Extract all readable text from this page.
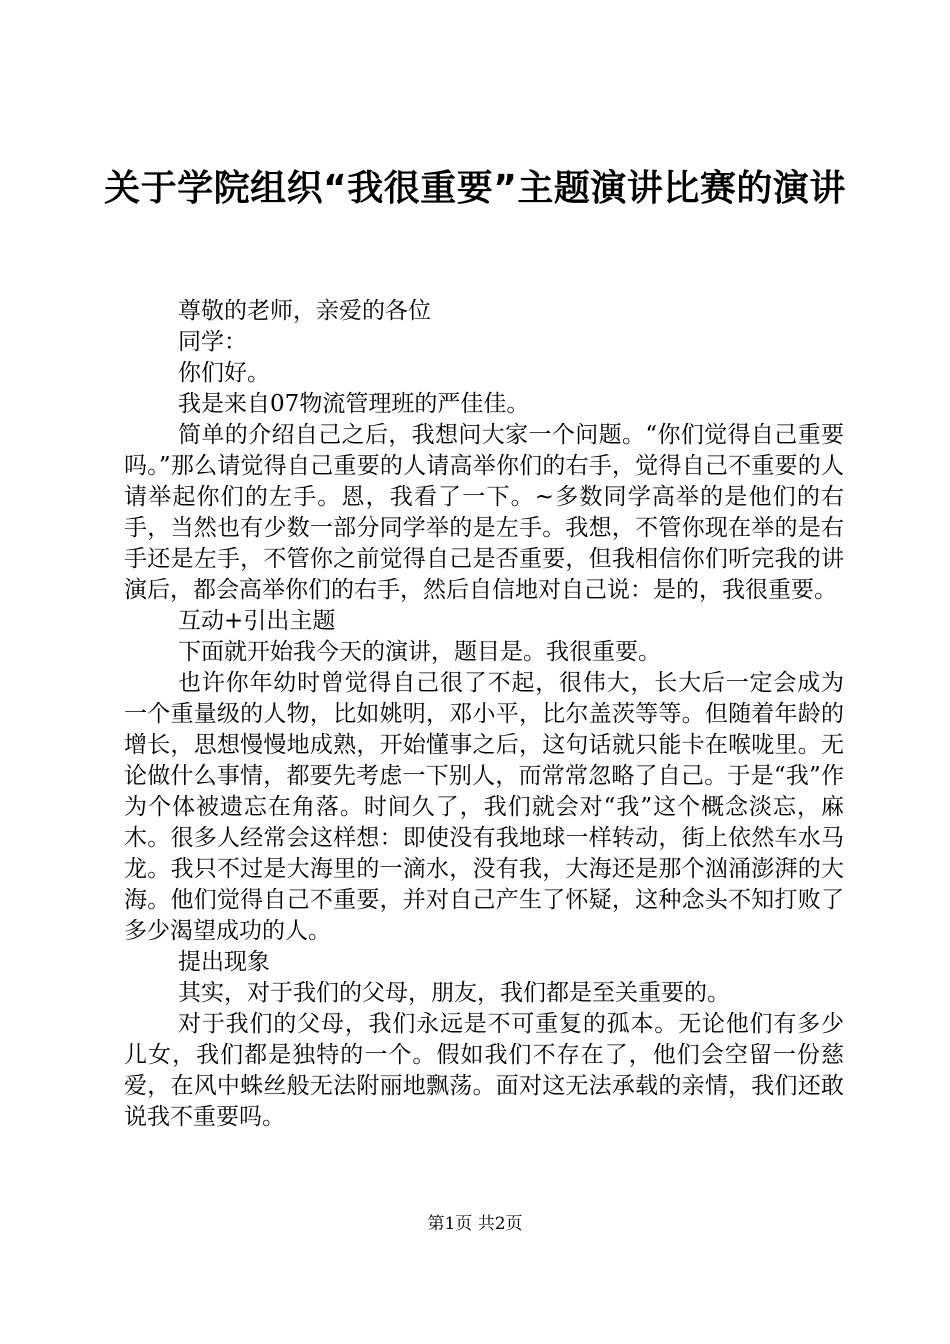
关于学院组织“我很重要”主题演讲比赛的演讲

尊敬的老师，亲爱的各位

同学：

你们好。

我是来自07物流管理班的严佳佳。

简单的介绍自己之后，我想问大家一个问题。“你们觉得自己重要吗。”那么请觉得自己重要的人请高举你们的右手，觉得自己不重要的人请举起你们的左手。恩，我看了一下。~多数同学高举的是他们的右手，当然也有少数一部分同学举的是左手。我想，不管你现在举的是右手还是左手，不管你之前觉得自己是否重要，但我相信你们听完我的讲演后，都会高举你们的右手，然后自信地对自己说：是的，我很重要。

互动+引出主题

下面就开始我今天的演讲，题目是。我很重要。

也许你年幼时曾觉得自己很了不起，很伟大，长大后一定会成为一个重量级的人物，比如姚明，邓小平，比尔盖茨等等。但随着年龄的增长，思想慢慢地成熟，开始懂事之后，这句话就只能卡在喉咙里。无论做什么事情，都要先考虑一下别人，而常常忽略了自己。于是“我”作为个体被遗忘在角落。时间久了，我们就会对“我”这个概念淡忘，麻木。很多人经常会这样想：即使没有我地球一样转动，街上依然车水马龙。我只不过是大海里的一滴水，没有我，大海还是那个汹涌澎湃的大海。他们觉得自己不重要，并对自己产生了怀疑，这种念头不知打败了多少渴望成功的人。

提出现象

其实，对于我们的父母，朋友，我们都是至关重要的。

对于我们的父母，我们永远是不可重复的孤本。无论他们有多少儿女，我们都是独特的一个。假如我们不存在了，他们会空留一份慈爱，在风中蛛丝般无法附丽地飘荡。面对这无法承载的亲情，我们还敢说我不重要吗。

第1页 共2页
